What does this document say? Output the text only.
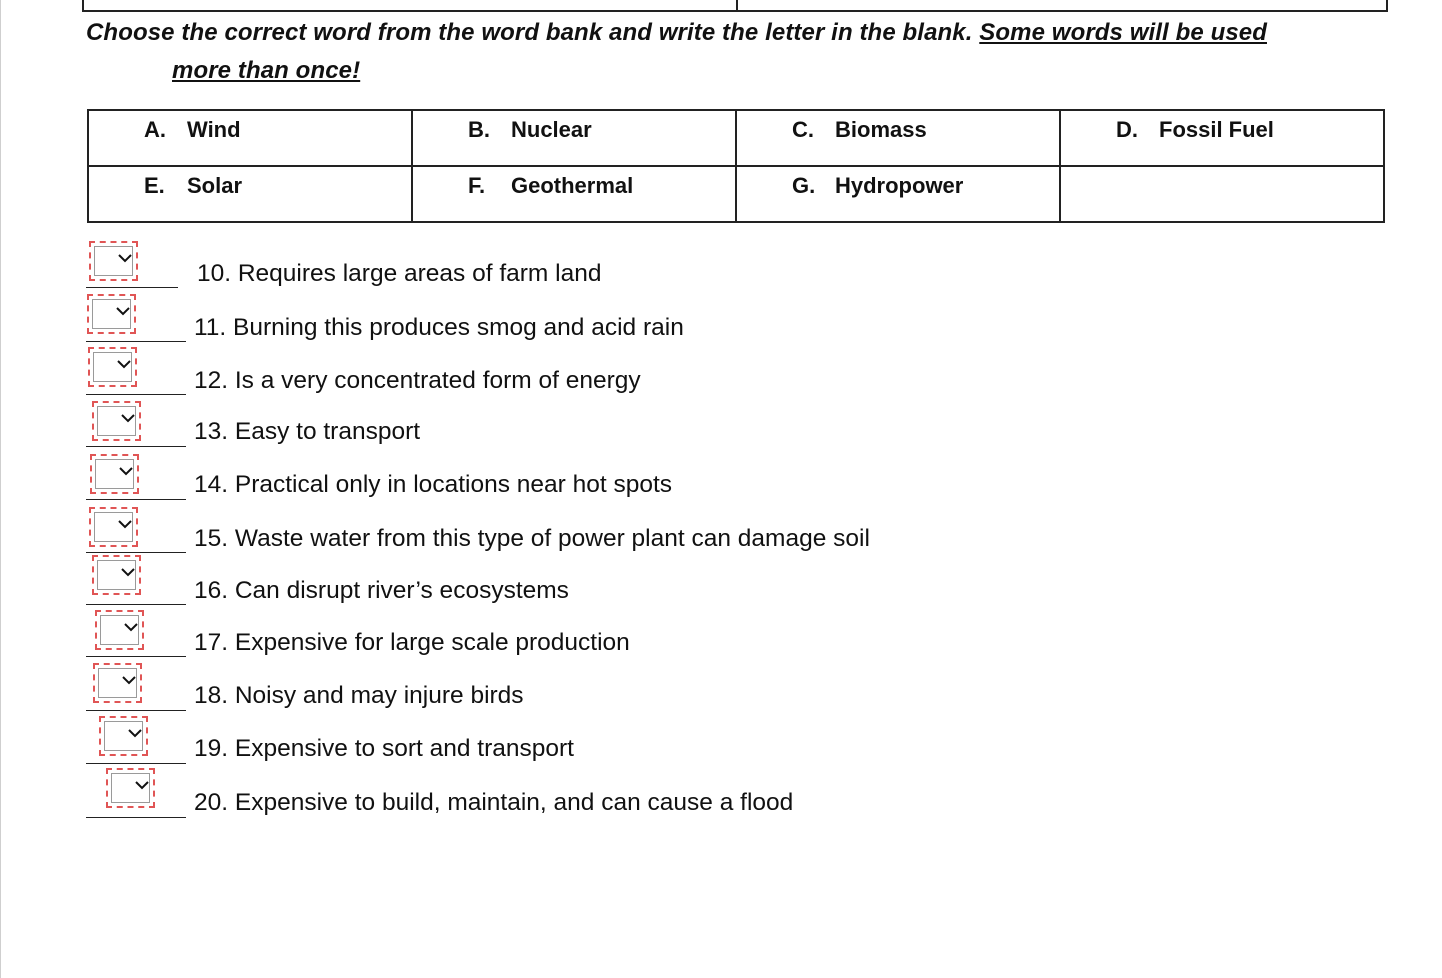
Choose the correct word from the word bank and write the letter in the blank. Some words will be used more than once!
A. Wind	B. Nuclear	C. Biomass	D. Fossil Fuel

E. Solar	F. Geothermal	G. Hydropower	

10. Requires large areas of farm land
11. Burning this produces smog and acid rain
12. Is a very concentrated form of energy
13. Easy to transport
14. Practical only in locations near hot spots
15. Waste water from this type of power plant can damage soil
16. Can disrupt river’s ecosystems
17. Expensive for large scale production
18. Noisy and may injure birds
19. Expensive to sort and transport
20. Expensive to build, maintain, and can cause a flood
